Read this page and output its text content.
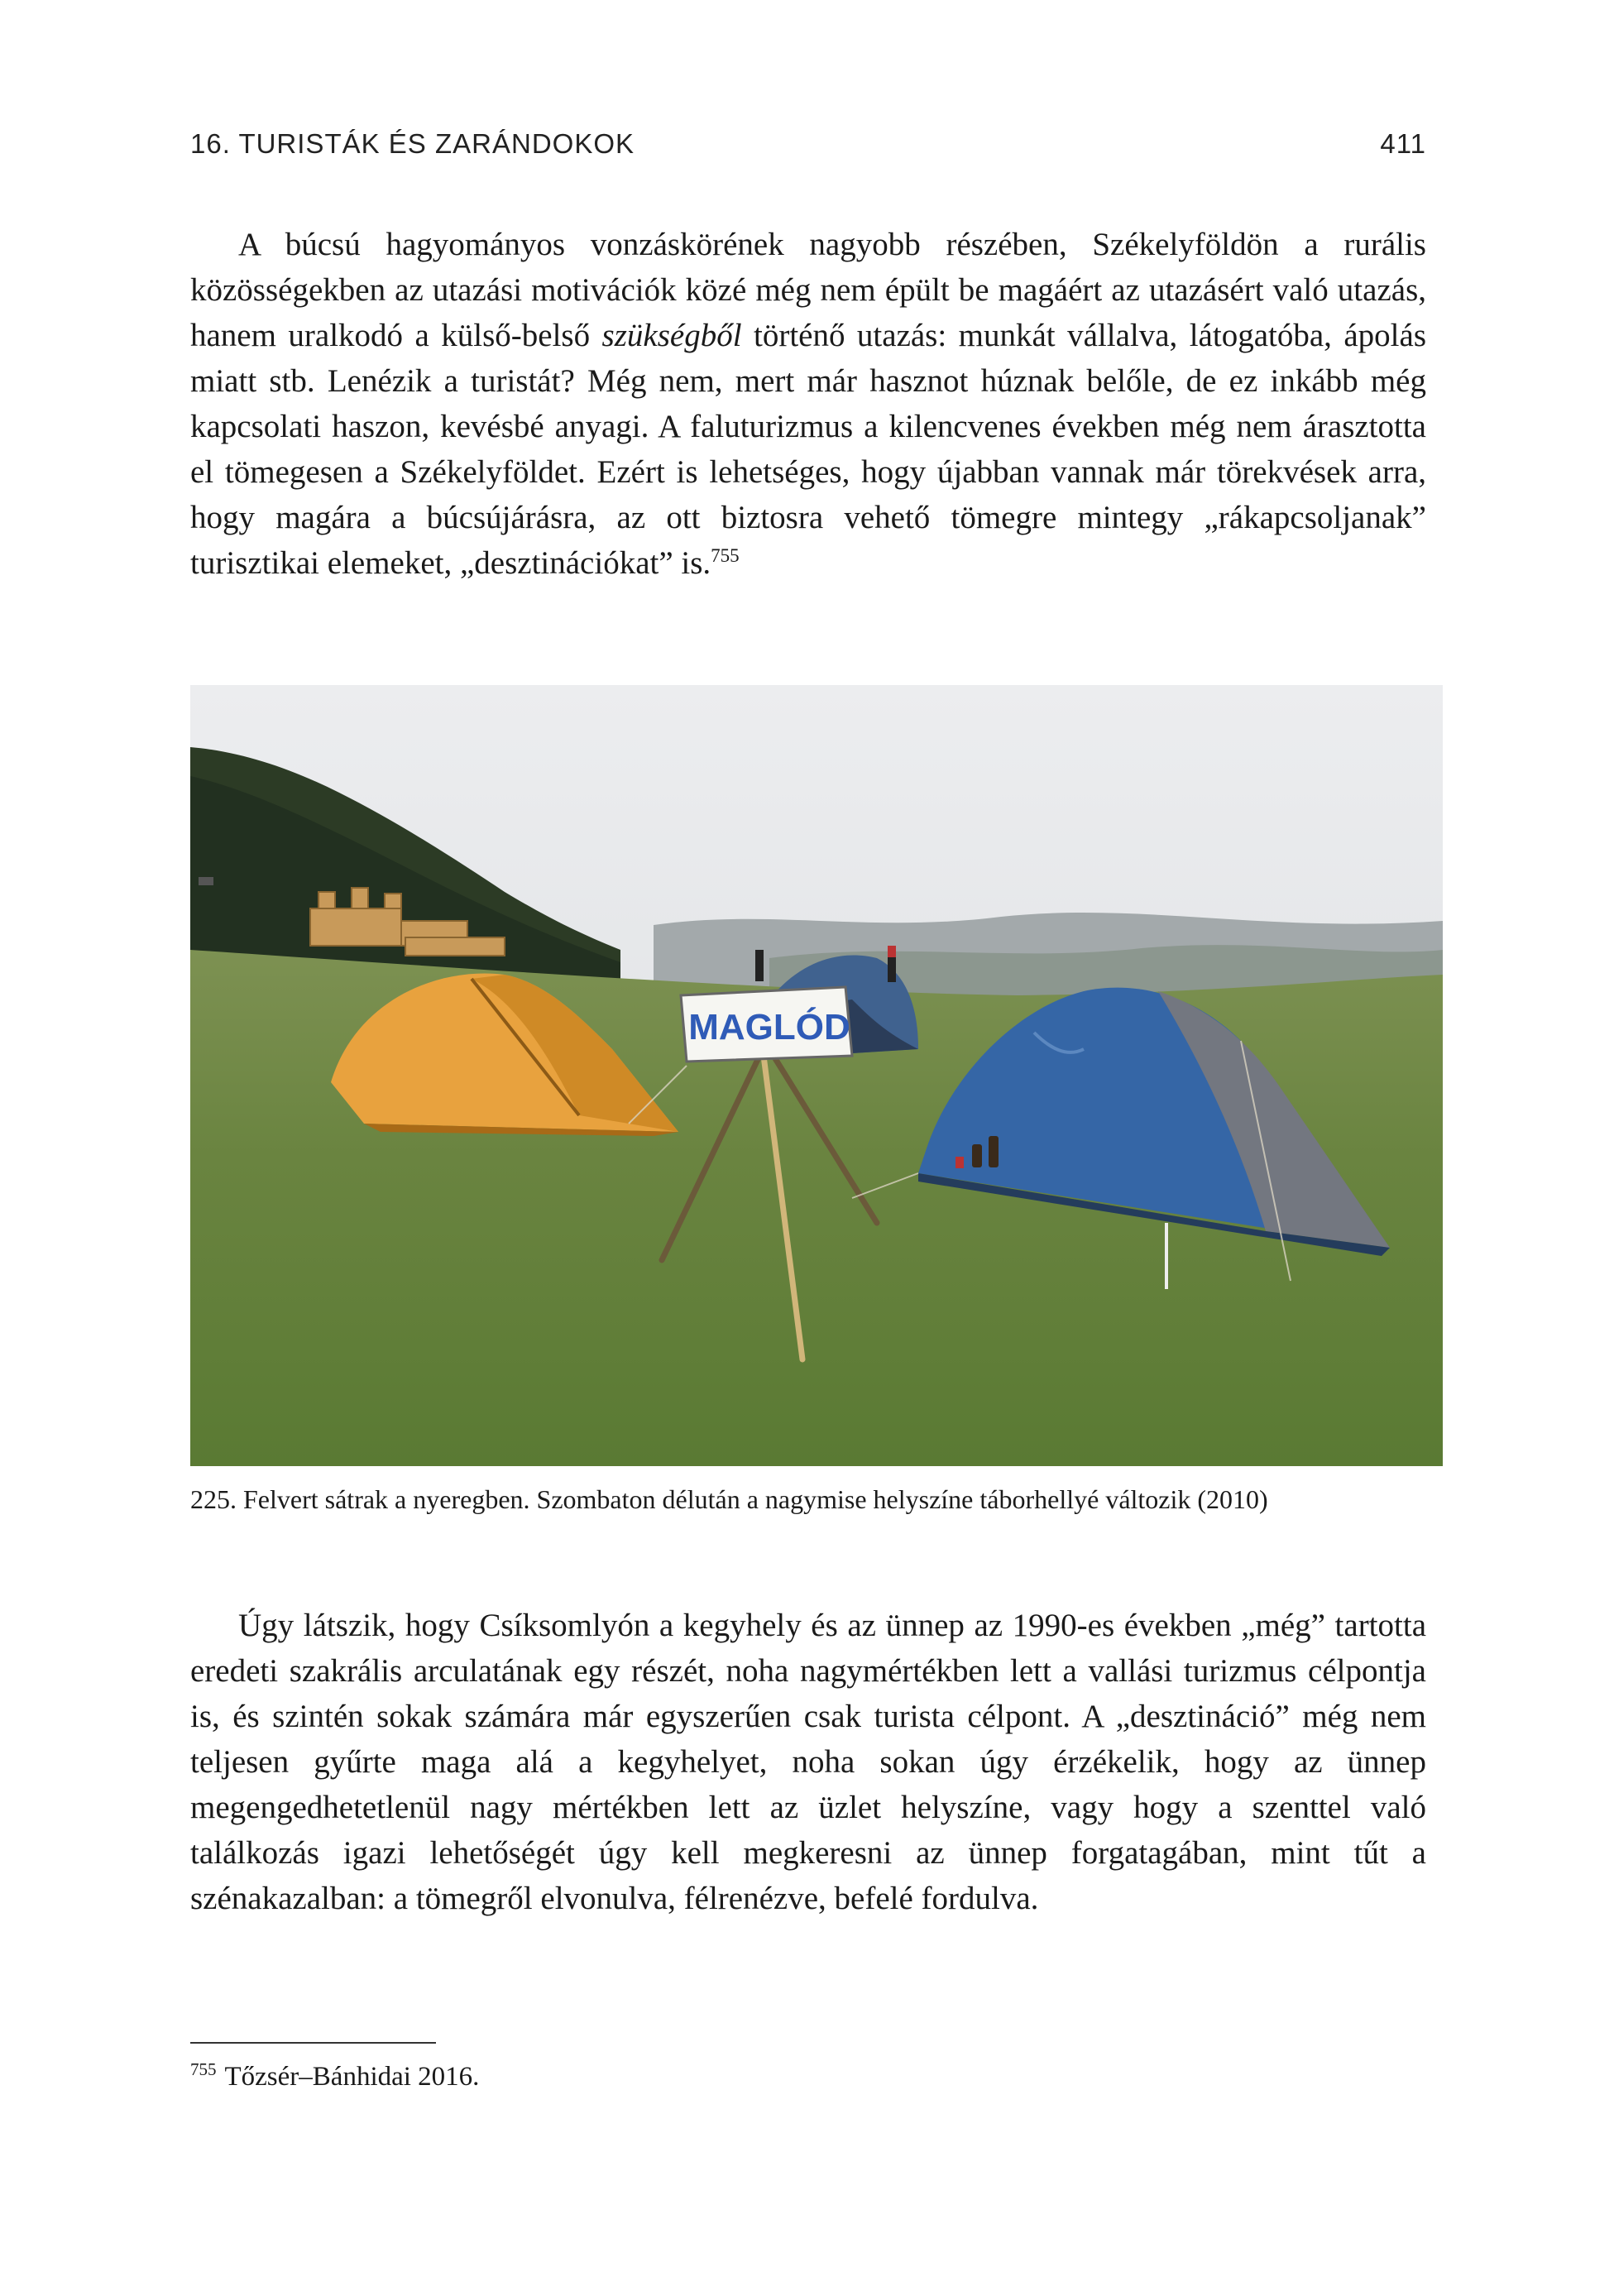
16. TURISTÁK ÉS ZARÁNDOKOK	411

A búcsú hagyományos vonzáskörének nagyobb részében, Székelyföldön a rurális közösségekben az utazási motivációk közé még nem épült be magáért az utazásért való utazás, hanem uralkodó a külső-belső szükségből történő utazás: munkát vállalva, látogatóba, ápolás miatt stb. Lenézik a turistát? Még nem, mert már hasznot húznak belőle, de ez inkább még kapcsolati haszon, kevésbé anyagi. A faluturizmus a kilencvenes években még nem árasztotta el tömegesen a Székelyföldet. Ezért is lehetséges, hogy újabban vannak már törekvések arra, hogy magára a búcsújárásra, az ott biztosra vehető tömegre mintegy „rákapcsoljanak” turisztikai elemeket, „desztinációkat” is.$^{755}$

MAGLÓD

225. Felvert sátrak a nyeregben. Szombaton délután a nagymise helyszíne táborhellyé változik (2010)

Úgy látszik, hogy Csíksomlyón a kegyhely és az ünnep az 1990-es években „még” tartotta eredeti szakrális arculatának egy részét, noha nagymértékben lett a vallási turizmus célpontja is, és szintén sokak számára már egyszerűen csak turista célpont. A „desztináció” még nem teljesen gyűrte maga alá a kegyhelyet, noha sokan úgy érzékelik, hogy az ünnep megengedhetetlenül nagy mértékben lett az üzlet helyszíne, vagy hogy a szenttel való találkozás igazi lehetőségét úgy kell megkeresni az ünnep forgatagában, mint tűt a szénakazalban: a tömegről elvonulva, félrenézve, befelé fordulva.

$^{755}$ Tőzsér–Bánhidai 2016.
